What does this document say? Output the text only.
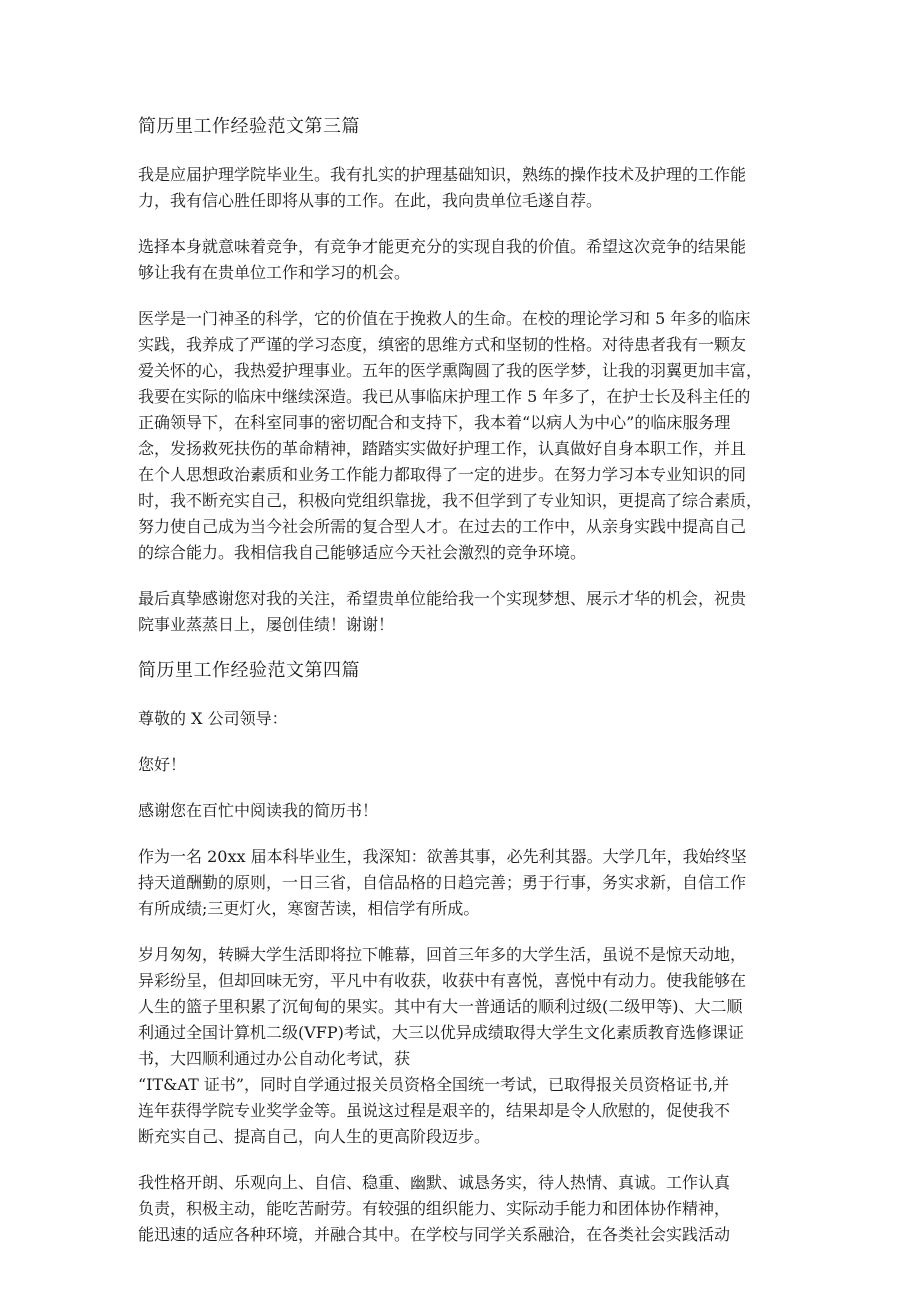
简历里工作经验范文第三篇
我是应届护理学院毕业生。我有扎实的护理基础知识，熟练的操作技术及护理的工作能
力，我有信心胜任即将从事的工作。在此，我向贵单位毛遂自荐。
选择本身就意味着竞争，有竞争才能更充分的实现自我的价值。希望这次竞争的结果能
够让我有在贵单位工作和学习的机会。
医学是一门神圣的科学，它的价值在于挽救人的生命。在校的理论学习和 5 年多的临床
实践，我养成了严谨的学习态度，缜密的思维方式和坚韧的性格。对待患者我有一颗友
爱关怀的心，我热爱护理事业。五年的医学熏陶圆了我的医学梦，让我的羽翼更加丰富，
我要在实际的临床中继续深造。我已从事临床护理工作 5 年多了，在护士长及科主任的
正确领导下，在科室同事的密切配合和支持下，我本着“以病人为中心”的临床服务理
念，发扬救死扶伤的革命精神，踏踏实实做好护理工作，认真做好自身本职工作，并且
在个人思想政治素质和业务工作能力都取得了一定的进步。在努力学习本专业知识的同
时，我不断充实自己，积极向党组织靠拢，我不但学到了专业知识，更提高了综合素质，
努力使自己成为当今社会所需的复合型人才。在过去的工作中，从亲身实践中提高自己
的综合能力。我相信我自己能够适应今天社会激烈的竞争环境。
最后真挚感谢您对我的关注，希望贵单位能给我一个实现梦想、展示才华的机会，祝贵
院事业蒸蒸日上，屡创佳绩！谢谢！
简历里工作经验范文第四篇
尊敬的 X 公司领导：
您好！
感谢您在百忙中阅读我的简历书！
作为一名 20xx 届本科毕业生，我深知：欲善其事，必先利其器。大学几年，我始终坚
持天道酬勤的原则，一日三省，自信品格的日趋完善；勇于行事，务实求新，自信工作
有所成绩;三更灯火，寒窗苦读，相信学有所成。
岁月匆匆，转瞬大学生活即将拉下帷幕，回首三年多的大学生活，虽说不是惊天动地，
异彩纷呈，但却回味无穷，平凡中有收获，收获中有喜悦，喜悦中有动力。使我能够在
人生的篮子里积累了沉甸甸的果实。其中有大一普通话的顺利过级(二级甲等)、大二顺
利通过全国计算机二级(VFP)考试，大三以优异成绩取得大学生文化素质教育选修课证
书，大四顺利通过办公自动化考试，获
“IT&AT 证书”，同时自学通过报关员资格全国统一考试，已取得报关员资格证书,并
连年获得学院专业奖学金等。虽说这过程是艰辛的，结果却是令人欣慰的，促使我不
断充实自己、提高自己，向人生的更高阶段迈步。
我性格开朗、乐观向上、自信、稳重、幽默、诚恳务实，待人热情、真诚。工作认真
负责，积极主动，能吃苦耐劳。有较强的组织能力、实际动手能力和团体协作精神，
能迅速的适应各种环境，并融合其中。在学校与同学关系融洽，在各类社会实践活动
